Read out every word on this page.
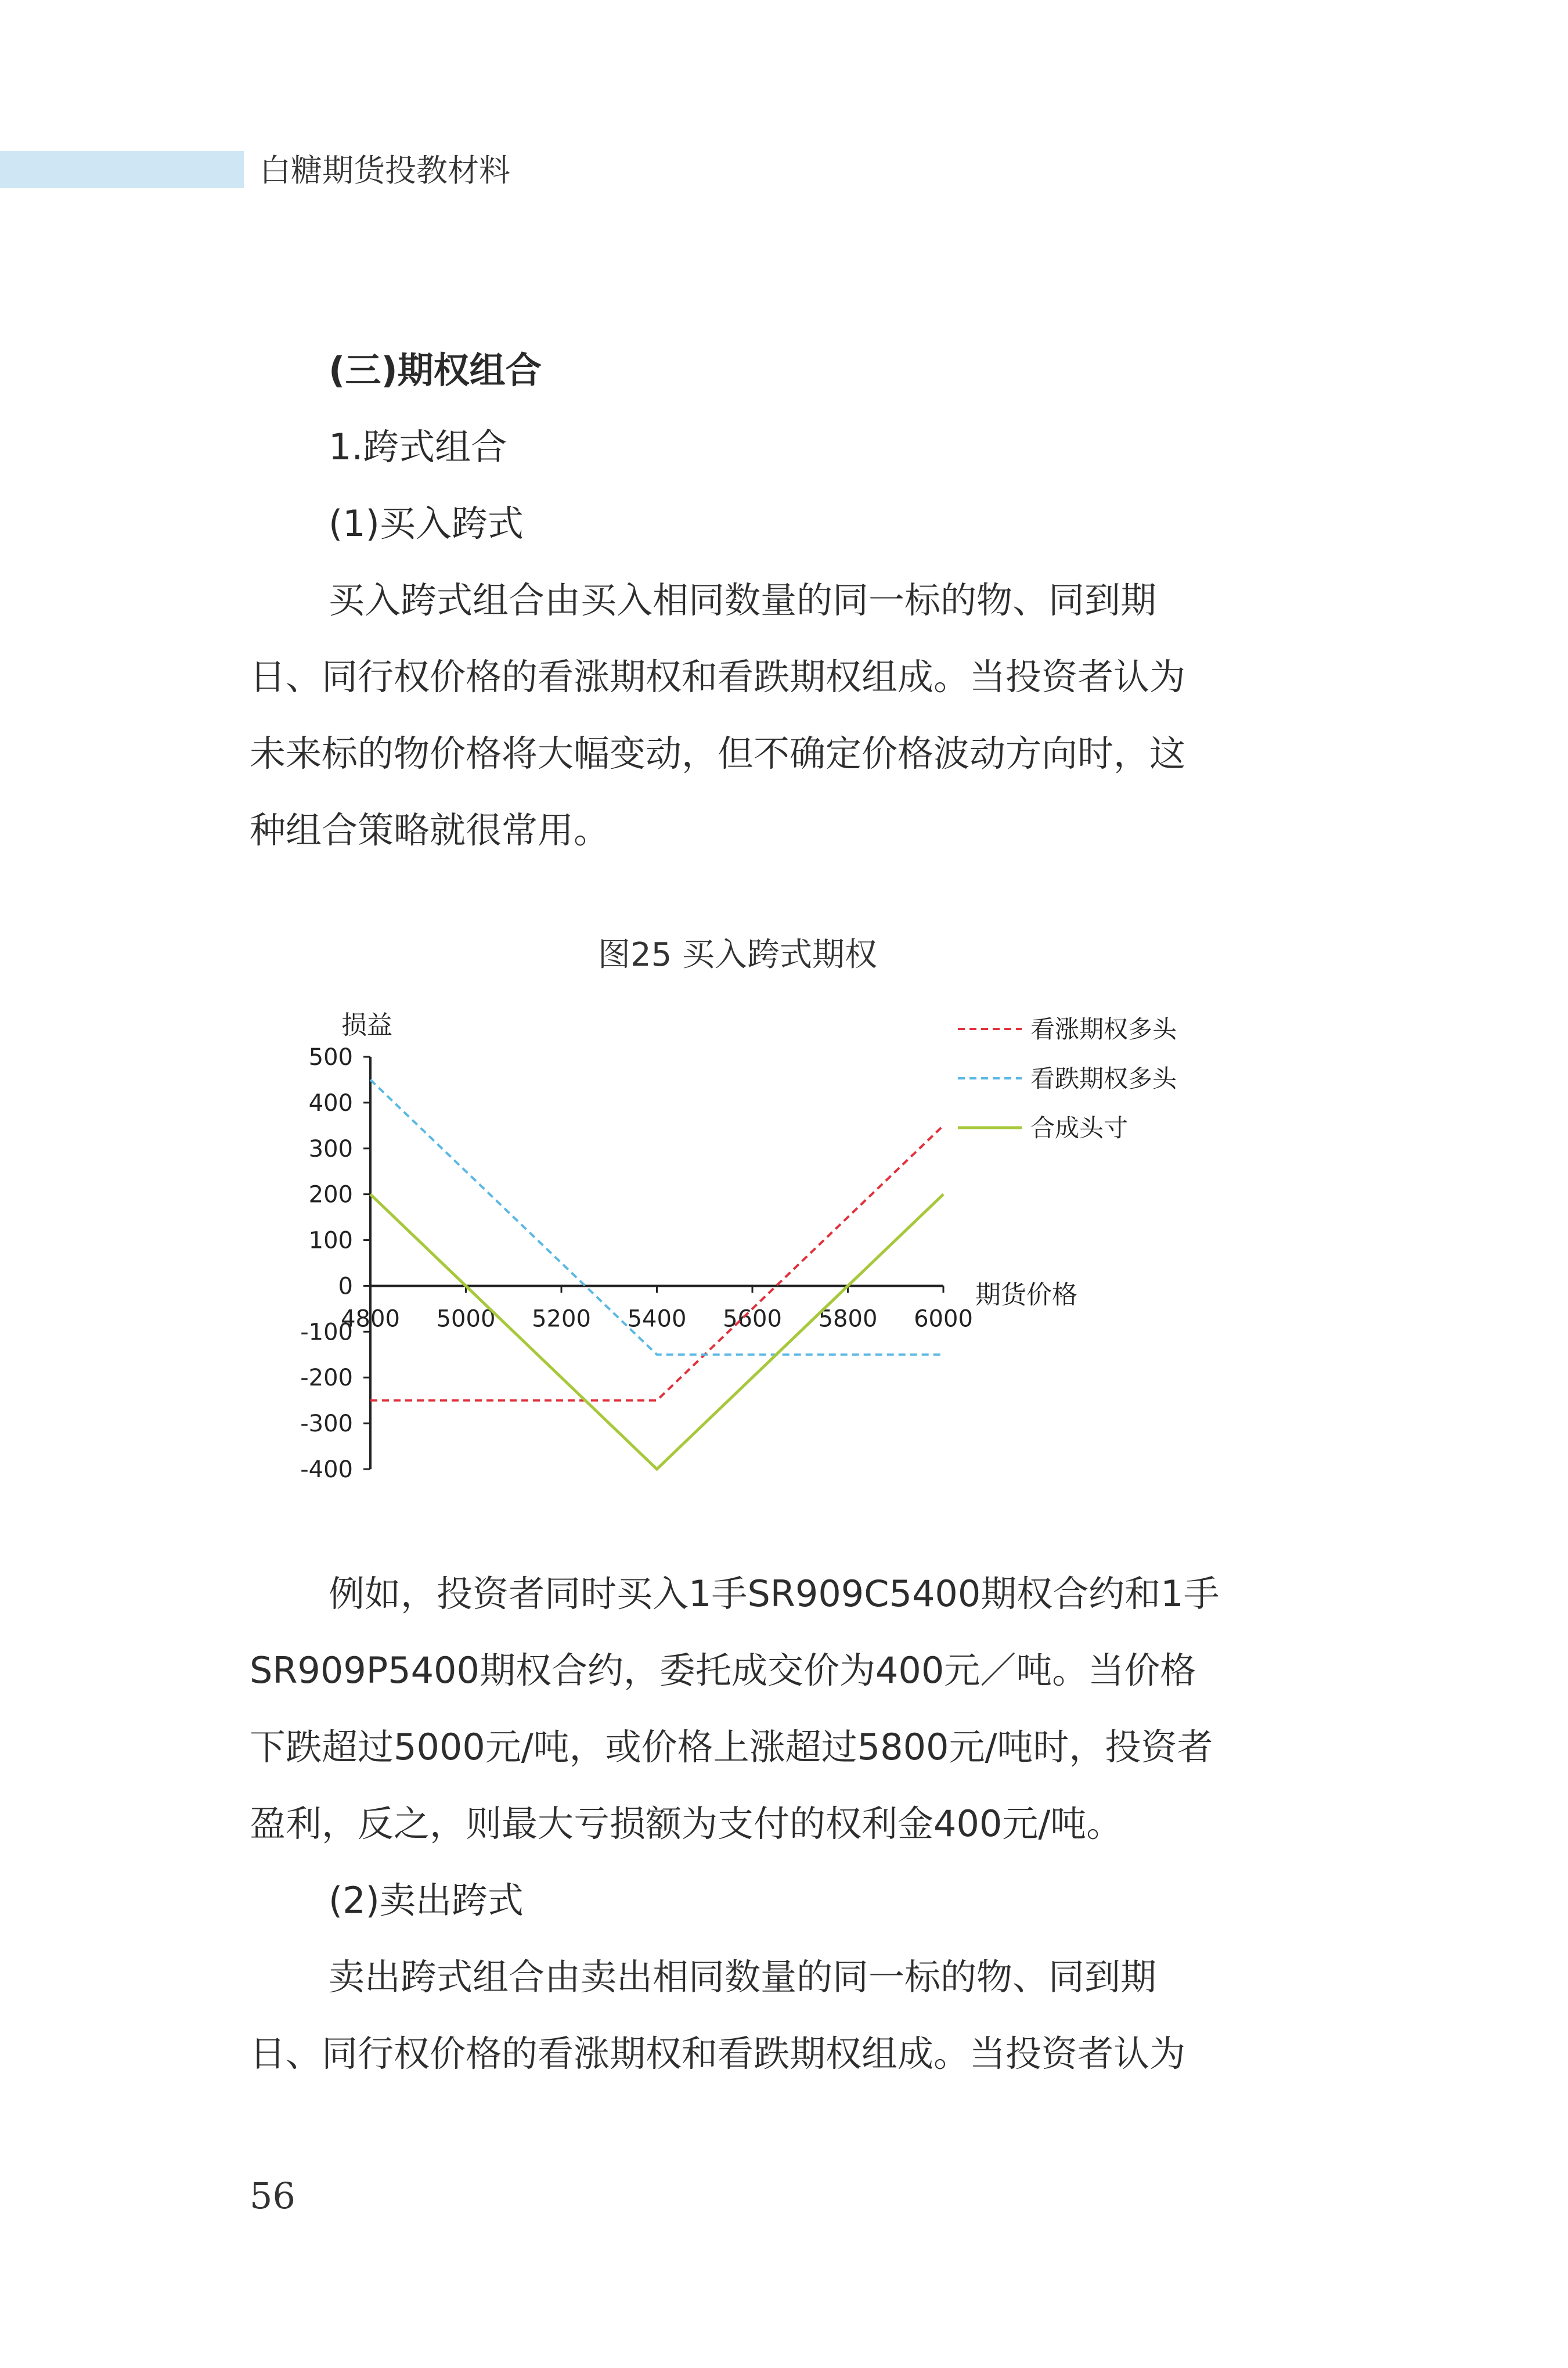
白糖期货投教材料
(三)期权组合
1.跨式组合
(1)买入跨式
买入跨式组合由买入相同数量的同一标的物、同到期
日、同行权价格的看涨期权和看跌期权组成。当投资者认为
未来标的物价格将大幅变动，但不确定价格波动方向时，这
种组合策略就很常用。
图25 买入跨式期权
500
400
300
200
100
0
-100
-200
-300
-400
4800 5000 5200 5400 5600 5800 6000
损益
期货价格
看涨期权多头
看跌期权多头
合成头寸
例如，投资者同时买入1手SR909C5400期权合约和1手
SR909P5400期权合约，委托成交价为400元／吨。当价格
下跌超过5000元/吨，或价格上涨超过5800元/吨时，投资者
盈利，反之，则最大亏损额为支付的权利金400元/吨。
(2)卖出跨式
卖出跨式组合由卖出相同数量的同一标的物、同到期
日、同行权价格的看涨期权和看跌期权组成。当投资者认为
56
